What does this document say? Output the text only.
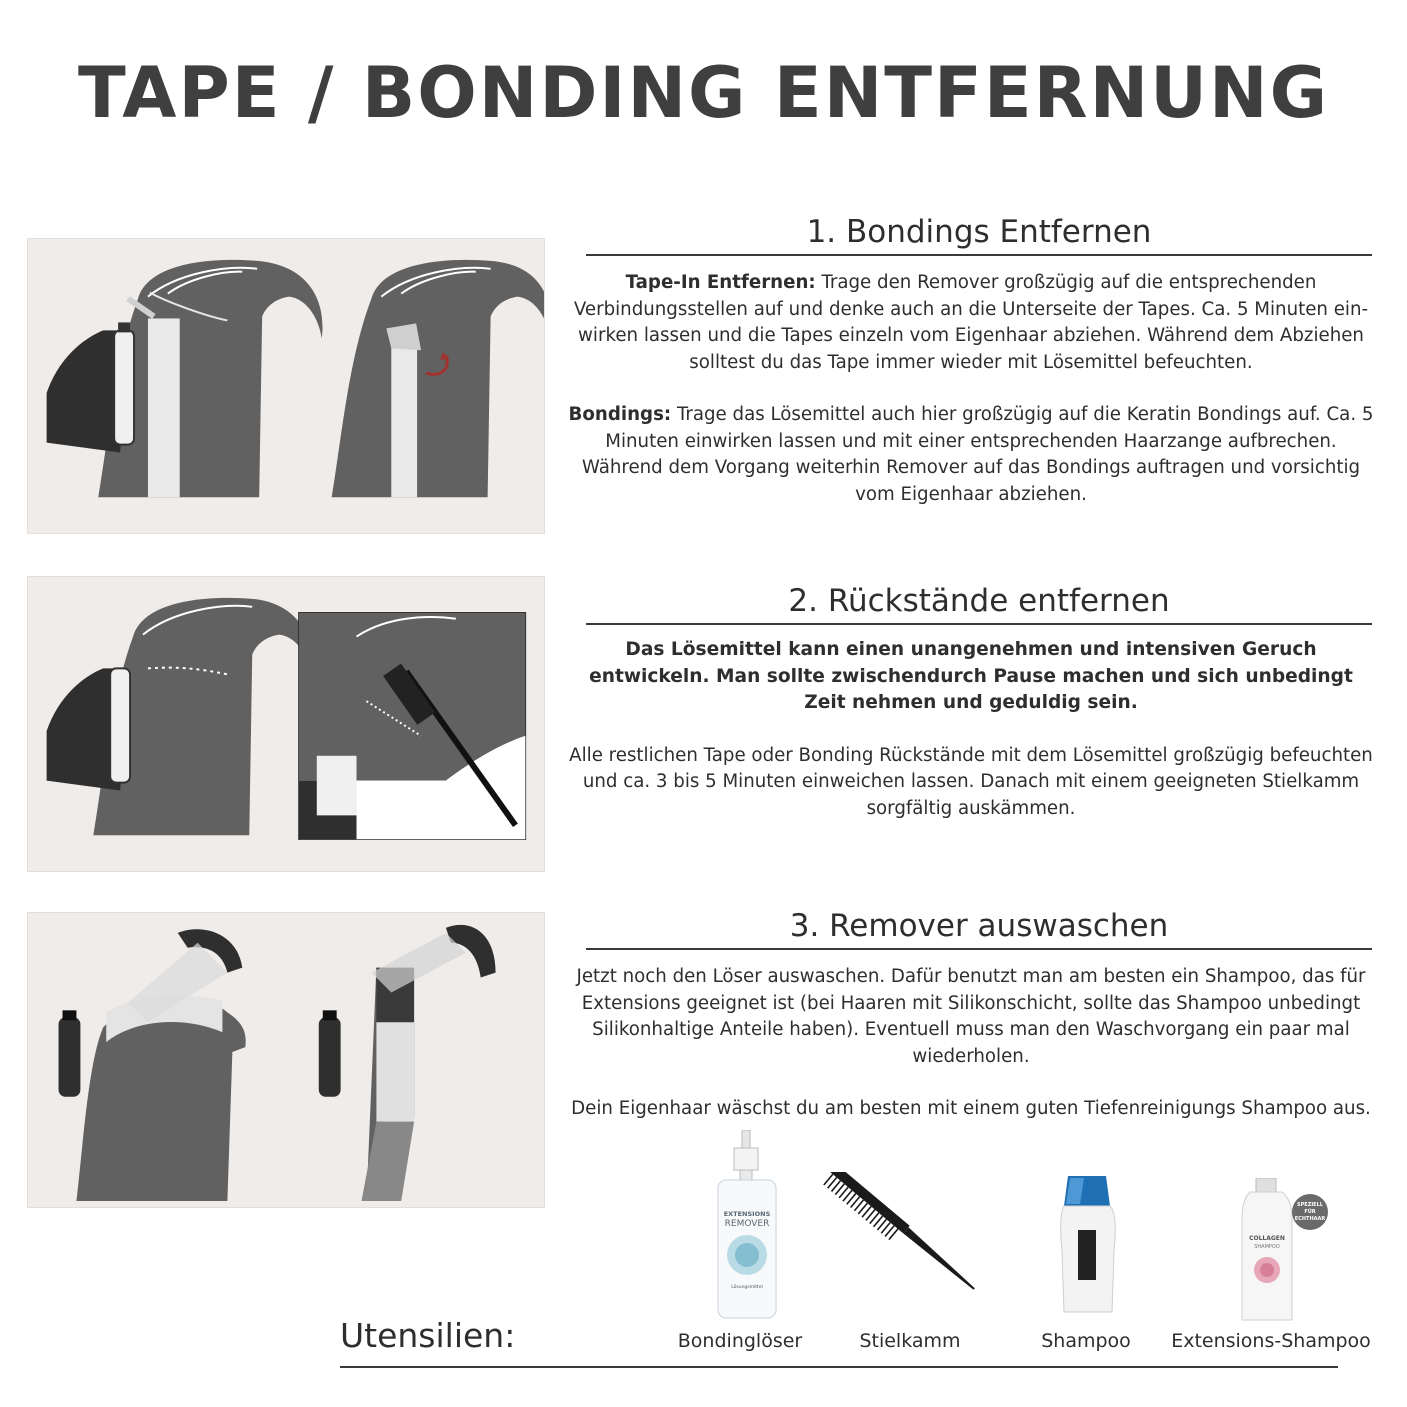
TAPE / BONDING ENTFERNUNG
1. Bondings Entfernen

Tape-In Entfernen: Trage den Remover großzügig auf die entsprechenden Verbindungsstellen auf und denke auch an die Unterseite der Tapes. Ca. 5 Minuten einwirken lassen und die Tapes einzeln vom Eigenhaar abziehen. Während dem Abziehen solltest du das Tape immer wieder mit Lösemittel befeuchten.

Bondings: Trage das Lösemittel auch hier großzügig auf die Keratin Bondings auf. Ca. 5 Minuten einwirken lassen und mit einer entsprechenden Haarzange aufbrechen. Während dem Vorgang weiterhin Remover auf das Bondings auftragen und vorsichtig vom Eigenhaar abziehen.

2. Rückstände entfernen

Das Lösemittel kann einen unangenehmen und intensiven Geruch entwickeln. Man sollte zwischendurch Pause machen und sich unbedingt Zeit nehmen und geduldig sein.

Alle restlichen Tape oder Bonding Rückstände mit dem Lösemittel großzügig befeuchten und ca. 3 bis 5 Minuten einweichen lassen. Danach mit einem geeigneten Stielkamm sorgfältig auskämmen.

3. Remover auswaschen

Jetzt noch den Löser auswaschen. Dafür benutzt man am besten ein Shampoo, das für Extensions geeignet ist (bei Haaren mit Silikonschicht, sollte das Shampoo unbedingt Silikonhaltige Anteile haben). Eventuell muss man den Waschvorgang ein paar mal wiederholen.

Dein Eigenhaar wäschst du am besten mit einem guten Tiefenreinigungs Shampoo aus.

Utensilien:
EXTENSIONS
REMOVER
Lösungsmittel
Bondinglöser	Stielkamm	Shampoo
COLLAGEN
SHAMPOO
SPEZIELL
FÜR
ECHTHAAR
Extensions-Shampoo
